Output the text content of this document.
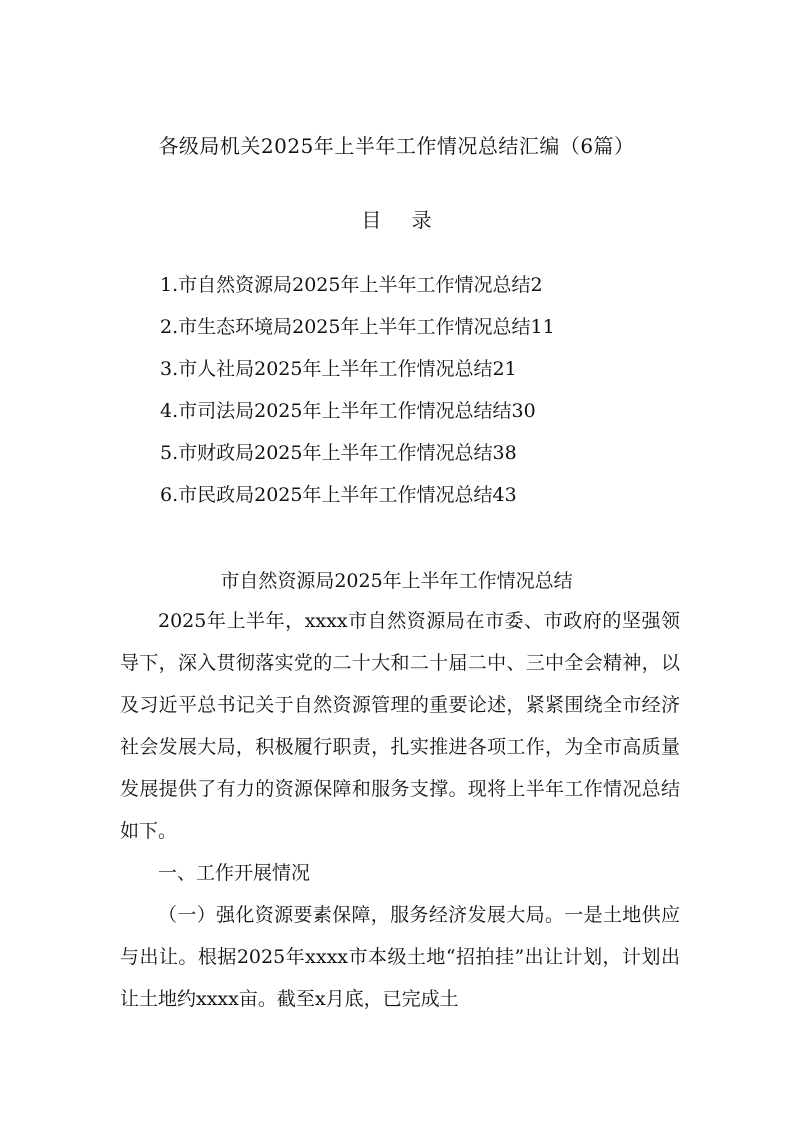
各级局机关2025年上半年工作情况总结汇编（6篇）
目 录
1.市自然资源局2025年上半年工作情况总结2
2.市生态环境局2025年上半年工作情况总结11
3.市人社局2025年上半年工作情况总结21
4.市司法局2025年上半年工作情况总结结30
5.市财政局2025年上半年工作情况总结38
6.市民政局2025年上半年工作情况总结43
市自然资源局2025年上半年工作情况总结

2025年上半年，xxxx市自然资源局在市委、市政府的坚强领导下，深入贯彻落实党的二十大和二十届二中、三中全会精神，以及习近平总书记关于自然资源管理的重要论述，紧紧围绕全市经济社会发展大局，积极履行职责，扎实推进各项工作，为全市高质量发展提供了有力的资源保障和服务支撑。现将上半年工作情况总结如下。

一、工作开展情况

（一）强化资源要素保障，服务经济发展大局。一是土地供应与出让。根据2025年xxxx市本级土地“招拍挂”出让计划，计划出让土地约xxxx亩。截至x月底，已完成土
